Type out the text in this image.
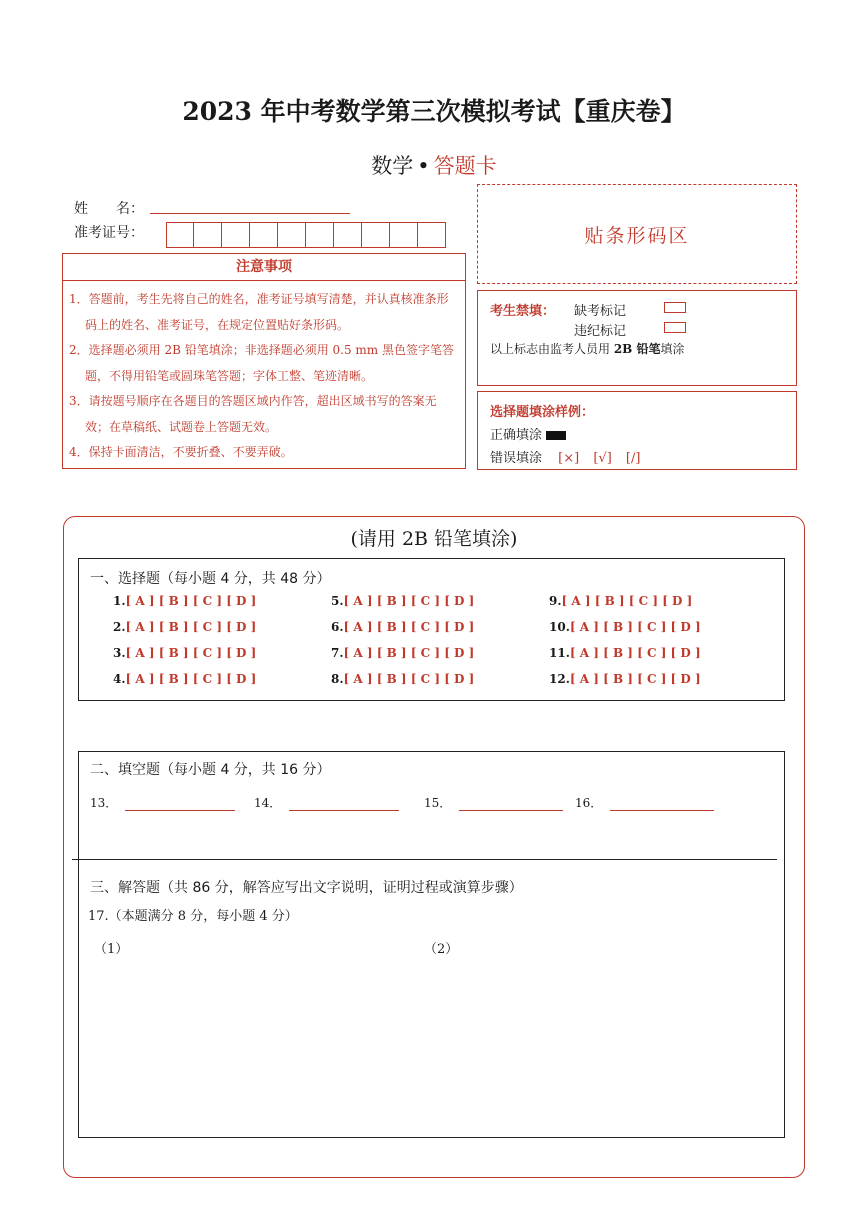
2023 年中考数学第三次模拟考试【重庆卷】
数学 • 答题卡
姓　　名：
准考证号：
注意事项
1．答题前，考生先将自己的姓名，准考证号填写清楚，并认真核准条形码上的姓名、准考证号，在规定位置贴好条形码。
2．选择题必须用 2B 铅笔填涂；非选择题必须用 0.5 mm 黑色签字笔答题，不得用铅笔或圆珠笔答题；字体工整、笔迹清晰。
3．请按题号顺序在各题目的答题区域内作答，超出区域书写的答案无效；在草稿纸、试题卷上答题无效。
4．保持卡面清洁，不要折叠、不要弄破。
贴条形码区
考生禁填： 缺考标记
违纪标记
以上标志由监考人员用 2B 铅笔填涂
选择题填涂样例：
正确填涂
错误填涂 [×] [√] [/]
(请用 2B 铅笔填涂)
一、选择题（每小题 4 分，共 48 分）
1.[ A ] [ B ] [ C ] [ D ]
2.[ A ] [ B ] [ C ] [ D ]
3.[ A ] [ B ] [ C ] [ D ]
4.[ A ] [ B ] [ C ] [ D ]
5.[ A ] [ B ] [ C ] [ D ]
6.[ A ] [ B ] [ C ] [ D ]
7.[ A ] [ B ] [ C ] [ D ]
8.[ A ] [ B ] [ C ] [ D ]
9.[ A ] [ B ] [ C ] [ D ]
10.[ A ] [ B ] [ C ] [ D ]
11.[ A ] [ B ] [ C ] [ D ]
12.[ A ] [ B ] [ C ] [ D ]
二、填空题（每小题 4 分，共 16 分）
13．	14．	15．	16．
三、解答题（共 86 分，解答应写出文字说明，证明过程或演算步骤）
17.（本题满分 8 分，每小题 4 分）
（1）	（2）
